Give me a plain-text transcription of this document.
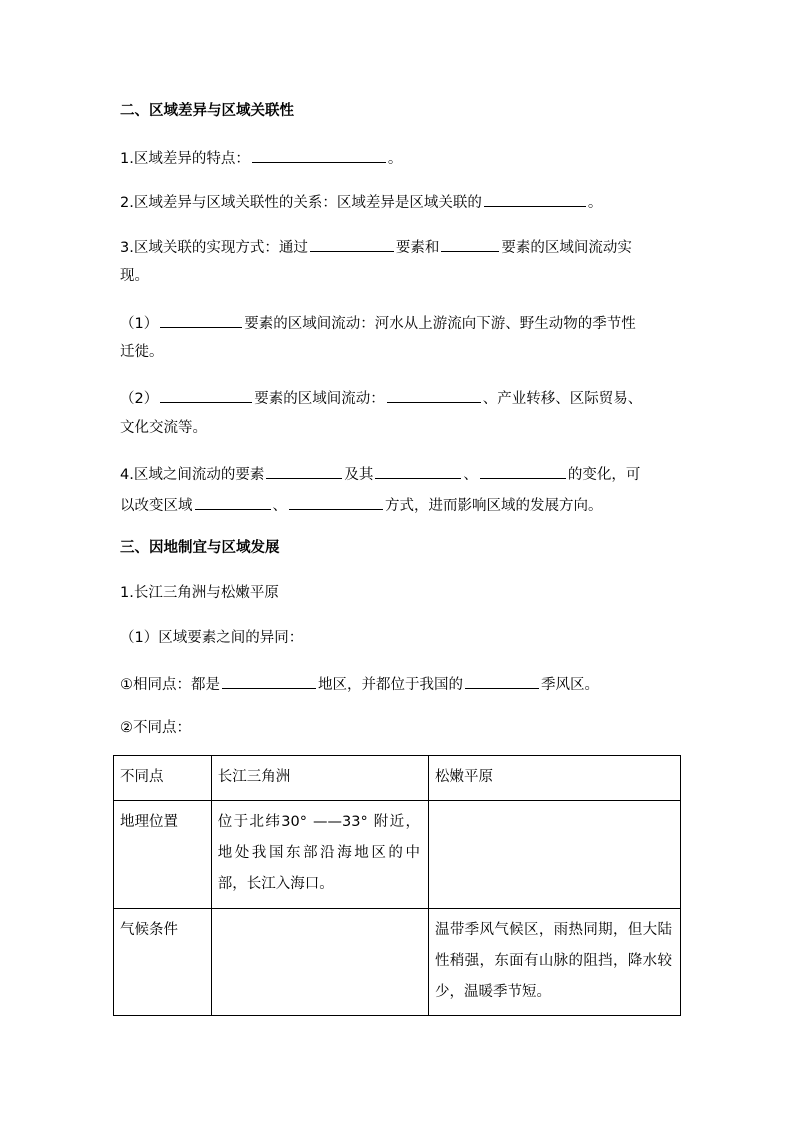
二、区域差异与区域关联性
1.区域差异的特点：	。
2.区域差异与区域关联性的关系：区域差异是区域关联的	。
3.区域关联的实现方式：通过	要素和	要素的区域间流动实
现。
（1）	要素的区域间流动：河水从上游流向下游、野生动物的季节性
迁徙。
（2）	要素的区域间流动：	、产业转移、区际贸易、
文化交流等。
4.区域之间流动的要素	及其	、	的变化，可
以改变区域	、	方式，进而影响区域的发展方向。
三、因地制宜与区域发展
1.长江三角洲与松嫩平原
（1）区域要素之间的异同：
①相同点：都是	地区，并都位于我国的	季风区。
②不同点：
不同点	长江三角洲	松嫩平原
地理位置	位于北纬30° ——33° 附近，地处我国东部沿海地区的中部，长江入海口。	
气候条件		温带季风气候区，雨热同期，但大陆性稍强，东面有山脉的阻挡，降水较少，温暖季节短。
